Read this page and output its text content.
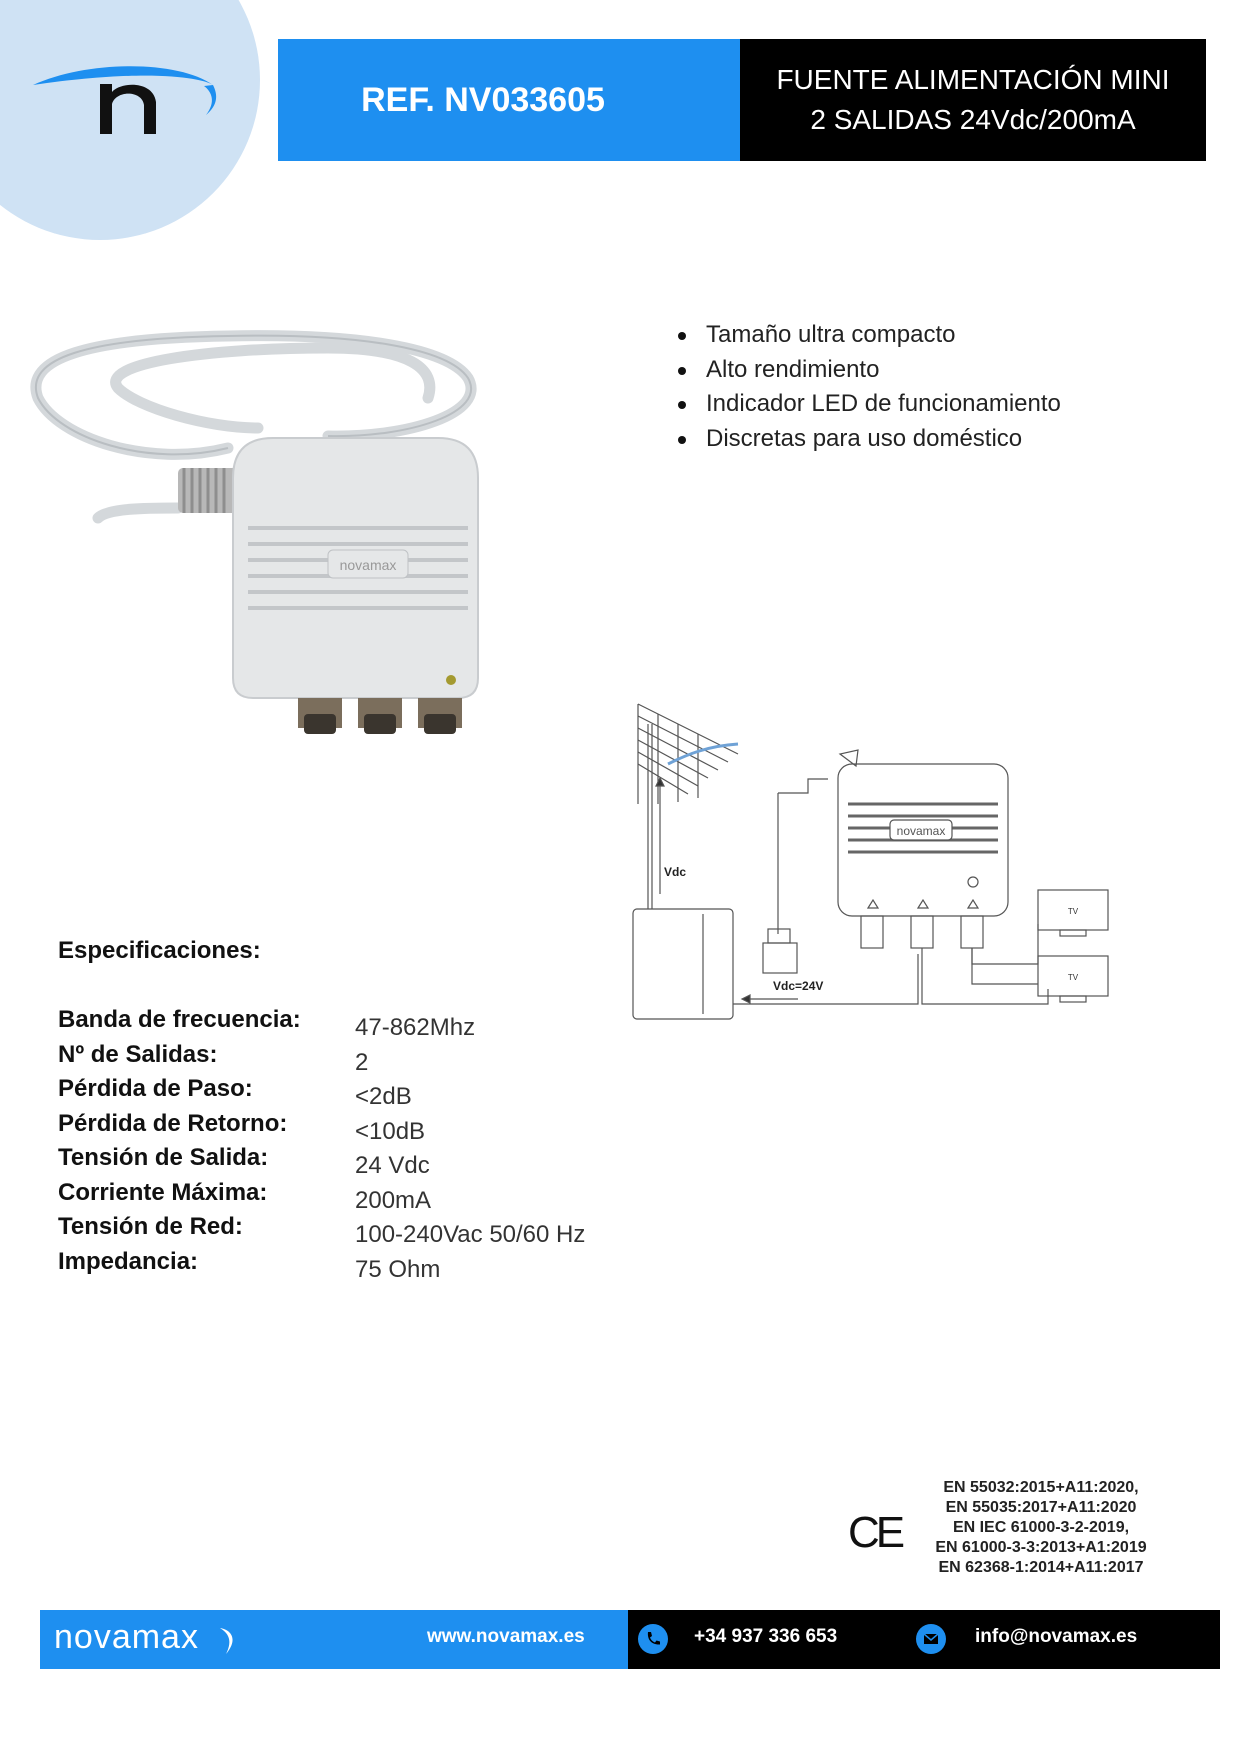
REF. NV033605
FUENTE ALIMENTACIÓN MINI
2 SALIDAS 24Vdc/200mA
novamax
Tamaño ultra compacto
Alto rendimiento
Indicador LED de funcionamiento
Discretas para uso doméstico
Vdc
Vdc=24V
novamax
TV
TV
Especificaciones:
Banda de frecuencia: 47-862Mhz
Nº de Salidas:	2
Pérdida de Paso:	<2dB
Pérdida de Retorno:	<10dB
Tensión de Salida:	24 Vdc
Corriente Máxima:	200mA
Tensión de Red:	100-240Vac 50/60 Hz
Impedancia:	75 Ohm
CE
EN 55032:2015+A11:2020,
EN 55035:2017+A11:2020
EN IEC 61000-3-2-2019,
EN 61000-3-3:2013+A1:2019
EN 62368-1:2014+A11:2017
novamax	www.novamax.es	+34 937 336 653	info@novamax.es
